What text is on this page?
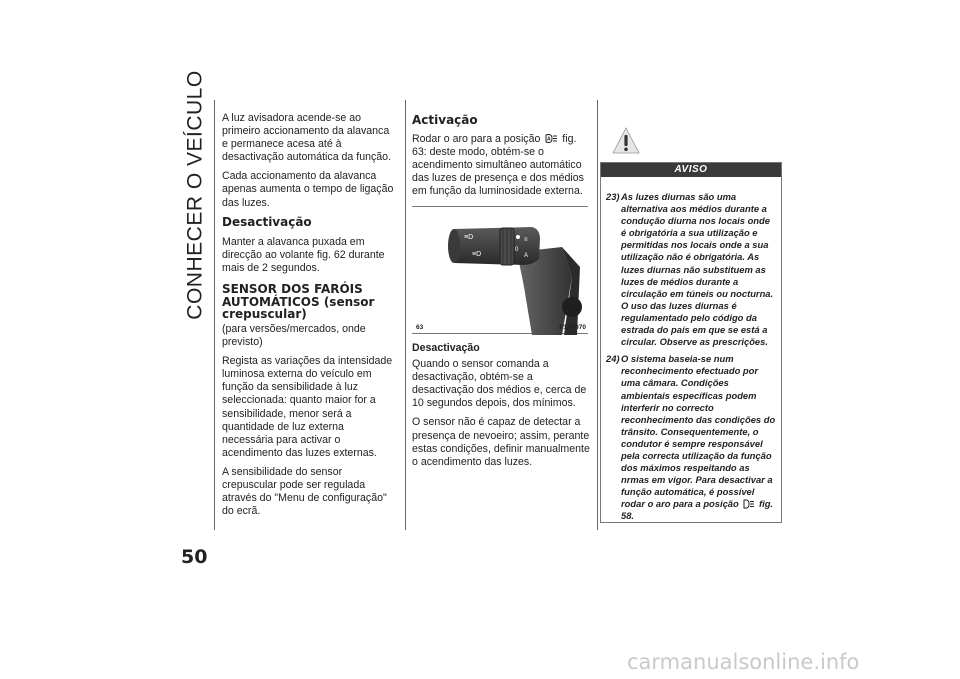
CONHECER O VEÍCULO
50

A luz avisadora acende-se ao primeiro accionamento da alavanca e permanece acesa até à desactivação automática da função.

Cada accionamento da alavanca apenas aumenta o tempo de ligação das luzes.

Desactivação

Manter a alavanca puxada em direcção ao volante fig. 62 durante mais de 2 segundos.

SENSOR DOS FARÓIS AUTOMÁTICOS (sensor crepuscular)

(para versões/mercados, onde previsto)

Regista as variações da intensidade luminosa externa do veículo em função da sensibilidade à luz seleccionada: quanto maior for a sensibilidade, menor será a quantidade de luz externa necessária para activar o acendimento das luzes externas.

A sensibilidade do sensor crepuscular pode ser regulada através do "Menu de configuração" do ecrã.

Activação

Rodar o aro para a posição A fig. 63: deste modo, obtém-se o acendimento simultâneo automático das luzes de presença e dos médios em função da luminosidade externa.

≡D
≡D
0
≡
A
63	F1A0070
Desactivação

Quando o sensor comanda a desactivação, obtém-se a desactivação dos médios e, cerca de 10 segundos depois, dos mínimos.

O sensor não é capaz de detectar a presença de nevoeiro; assim, perante estas condições, definir manualmente o acendimento das luzes.

AVISO
23) As luzes diurnas são uma alternativa aos médios durante a condução diurna nos locais onde é obrigatória a sua utilização e permitidas nos locais onde a sua utilização não é obrigatória. As luzes diurnas não substituem as luzes de médios durante a circulação em túneis ou nocturna. O uso das luzes diurnas é regulamentado pelo código da estrada do país em que se está a circular. Observe as prescrições.
24) O sistema baseia-se num reconhecimento efectuado por uma câmara. Condições ambientais específicas podem interferir no correcto reconhecimento das condições do trânsito. Consequentemente, o condutor é sempre responsável pela correcta utilização da função dos máximos respeitando as nrmas em vigor. Para desactivar a função automática, é possível rodar o aro para a posição fig. 58.
carmanualsonline.info
